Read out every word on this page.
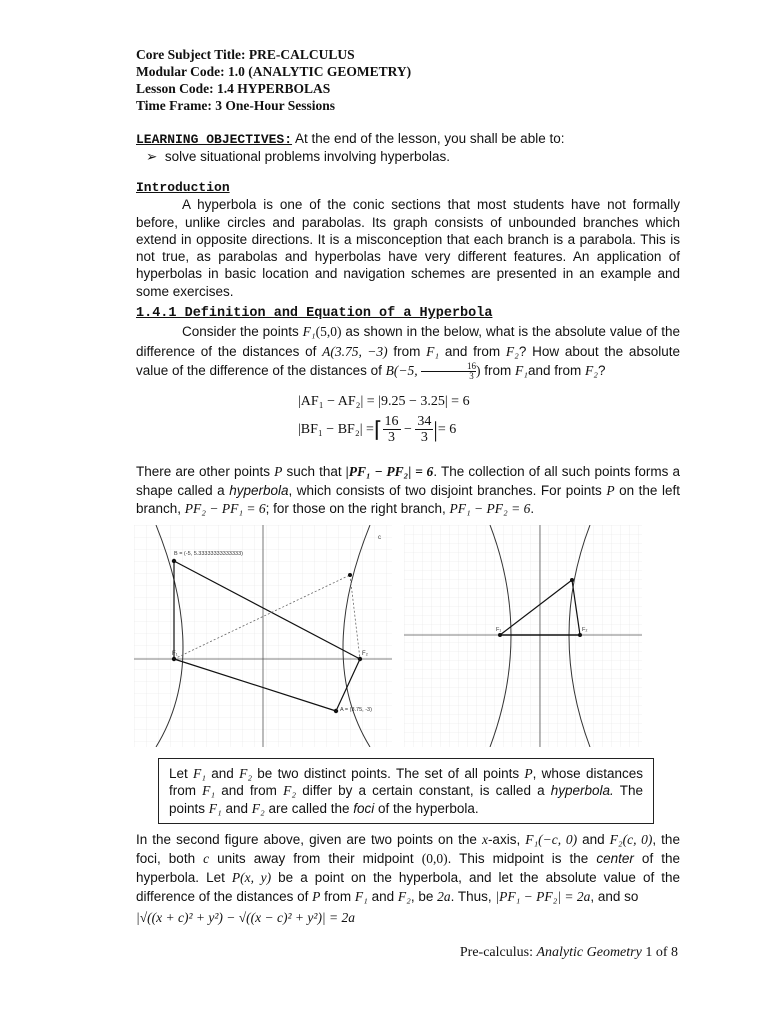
Core Subject Title: PRE-CALCULUS
Modular Code: 1.0 (ANALYTIC GEOMETRY)
Lesson Code: 1.4 HYPERBOLAS
Time Frame: 3 One-Hour Sessions
LEARNING OBJECTIVES: At the end of the lesson, you shall be able to:
➢ solve situational problems involving hyperbolas.
Introduction
A hyperbola is one of the conic sections that most students have not formally before, unlike circles and parabolas. Its graph consists of unbounded branches which extend in opposite directions. It is a misconception that each branch is a parabola. This is not true, as parabolas and hyperbolas have very different features. An application of hyperbolas in basic location and navigation schemes are presented in an example and some exercises.
1.4.1 Definition and Equation of a Hyperbola
Consider the points F₁(5,0) as shown in the below, what is the absolute value of the difference of the distances of A(3.75, −3) from F₁ and from F₂? How about the absolute value of the difference of the distances of B(−5, $\frac{16}{3}$ ) from F₁and from F₂?
|AF₁ − AF₂| = |9.25 − 3.25| = 6
|BF₁ − BF₂| = ⌈ 16
3
− $\frac{34}{3}$ | = 6
There are other points P such that |PF₁ − PF₂| = 6. The collection of all such points forms a shape called a hyperbola, which consists of two disjoint branches. For points P on the left branch, PF₂ − PF₁ = 6; for those on the right branch, PF₁ − PF₂ = 6.
B = (-5, 5.33333333333333)
A = (3.75, -3)
F₁	F₂
c
F₁	F₂
Let F₁ and F₂ be two distinct points. The set of all points P, whose distances from F₁ and from F₂ differ by a certain constant, is called a hyperbola. The points F₁ and F₂ are called the foci of the hyperbola.
In the second figure above, given are two points on the x-axis, F₁(−c, 0) and F₂(c, 0), the foci, both c units away from their midpoint (0,0). This midpoint is the center of the hyperbola. Let P(x, y) be a point on the hyperbola, and let the absolute value of the difference of the distances of P from F₁ and F₂, be 2a. Thus, |PF₁ − PF₂| = 2a, and so
|√((x + c)² + y²) − √((x − c)² + y²)| = 2a
Pre-calculus: Analytic Geometry 1 of 8
